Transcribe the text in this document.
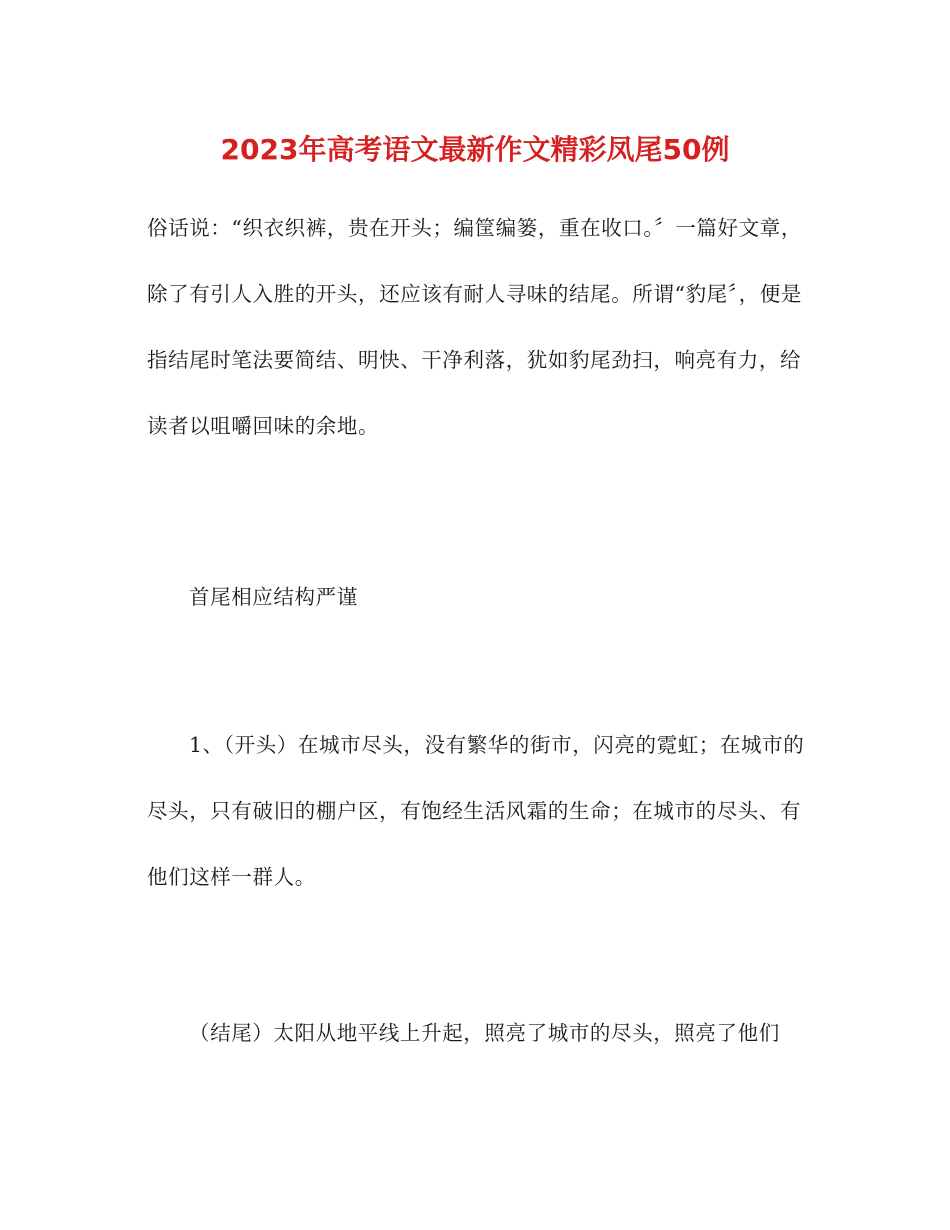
2023年高考语文最新作文精彩凤尾50例

俗话说：“织衣织裤，贵在开头；编筐编篓，重在收口。〞一篇好文章，除了有引人入胜的开头，还应该有耐人寻味的结尾。所谓“豹尾〞，便是指结尾时笔法要简结、明快、干净利落，犹如豹尾劲扫，响亮有力，给读者以咀嚼回味的余地。

首尾相应结构严谨

1、（开头）在城市尽头，没有繁华的街市，闪亮的霓虹；在城市的尽头，只有破旧的棚户区，有饱经生活风霜的生命；在城市的尽头、有他们这样一群人。

（结尾）太阳从地平线上升起，照亮了城市的尽头，照亮了他们
